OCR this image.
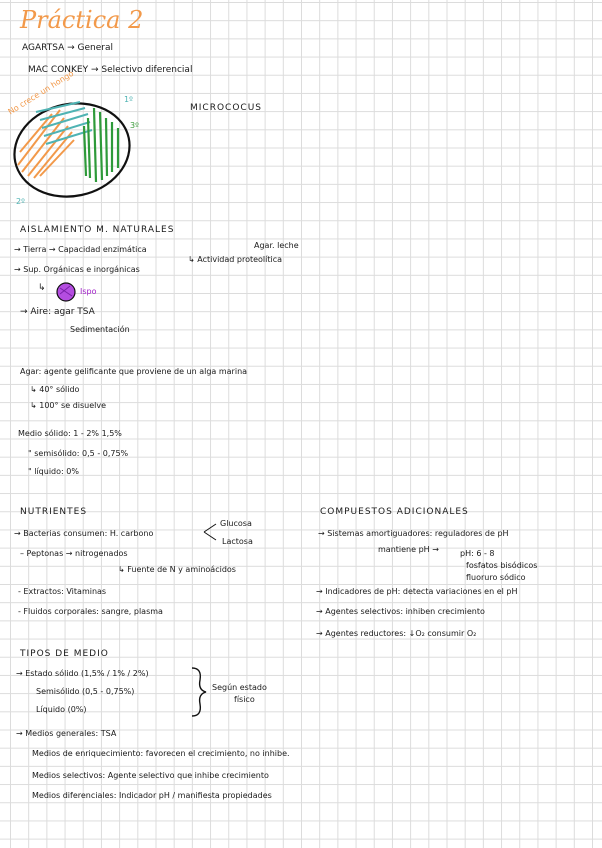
Práctica 2
AGARTSA → General
MAC CONKEY → Selectivo diferencial
No crece un hongo	1º
3º
2º
MICROCOCUS
AISLAMIENTO M. NATURALES
→ Tierra → Capacidad enzimática	Agar. leche
↳ Actividad proteolítica
→ Sup. Orgánicas e inorgánicas
↳	Ispo
→ Aire: agar TSA
Sedimentación
Agar: agente gelificante que proviene de un alga marina
↳ 40° sólido
↳ 100° se disuelve
Medio sólido: 1 - 2% 1,5%
" semisólido: 0,5 - 0,75%
" líquido: 0%
NUTRIENTES
→ Bacterias consumen: H. carbono
Glucosa
Lactosa
– Peptonas → nitrogenados
↳ Fuente de N y aminoácidos
- Extractos: Vitaminas
- Fluidos corporales: sangre, plasma
COMPUESTOS ADICIONALES
→ Sistemas amortiguadores: reguladores de pH
mantiene pH →	pH: 6 - 8
fosfatos bisódicos
fluoruro sódico
→ Indicadores de pH: detecta variaciones en el pH
→ Agentes selectivos: inhiben crecimiento
→ Agentes reductores: ↓O₂ consumir O₂
TIPOS DE MEDIO
→ Estado sólido (1,5% / 1% / 2%)
Semisólido (0,5 - 0,75%)
Líquido (0%)
Según estado
físico
→ Medios generales: TSA
Medios de enriquecimiento: favorecen el crecimiento, no inhibe.
Medios selectivos: Agente selectivo que inhibe crecimiento
Medios diferenciales: Indicador pH / manifiesta propiedades
